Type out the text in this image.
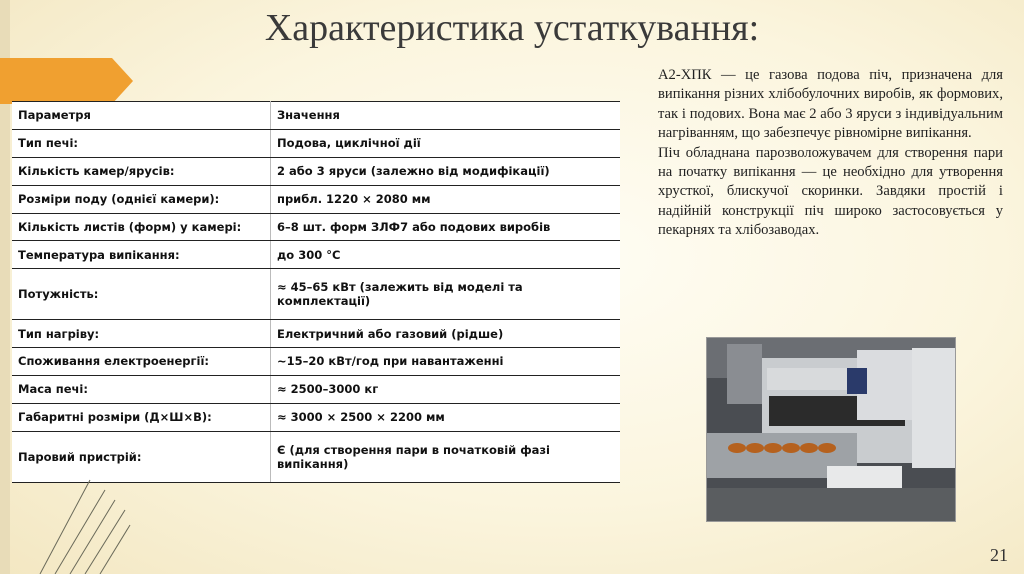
Характеристика устаткування:
Параметря	Значення
Тип печі:	Подова, циклічної дії
Кількість камер/ярусів:	2 або 3 яруси (залежно від модифікації)
Розміри поду (однієї камери):	прибл. 1220 × 2080 мм
Кількість листів (форм) у камері:	6–8 шт. форм ЗЛФ7 або подових виробів
Температура випікання:	до 300 °С
Потужність:	≈ 45–65 кВт (залежить від моделі та комплектації)
Тип нагріву:	Електричний або газовий (рідше)
Споживання електроенергії:	~15–20 кВт/год при навантаженні
Маса печі:	≈ 2500–3000 кг
Габаритні розміри (Д×Ш×В):	≈ 3000 × 2500 × 2200 мм
Паровий пристрій:	Є (для створення пари в початковій фазі випікання)

А2-ХПК — це газова подова піч, призначена для випікання різних хлібобулочних виробів, як формових, так і подових. Вона має 2 або 3 яруси з індивідуальним нагріванням, що забезпечує рівномірне випікання.

Піч обладнана парозволожувачем для створення пари на початку випікання — це необхідно для утворення хрусткої, блискучої скоринки. Завдяки простій і надійній конструкції піч широко застосовується у пекарнях та хлібозаводах.

21
